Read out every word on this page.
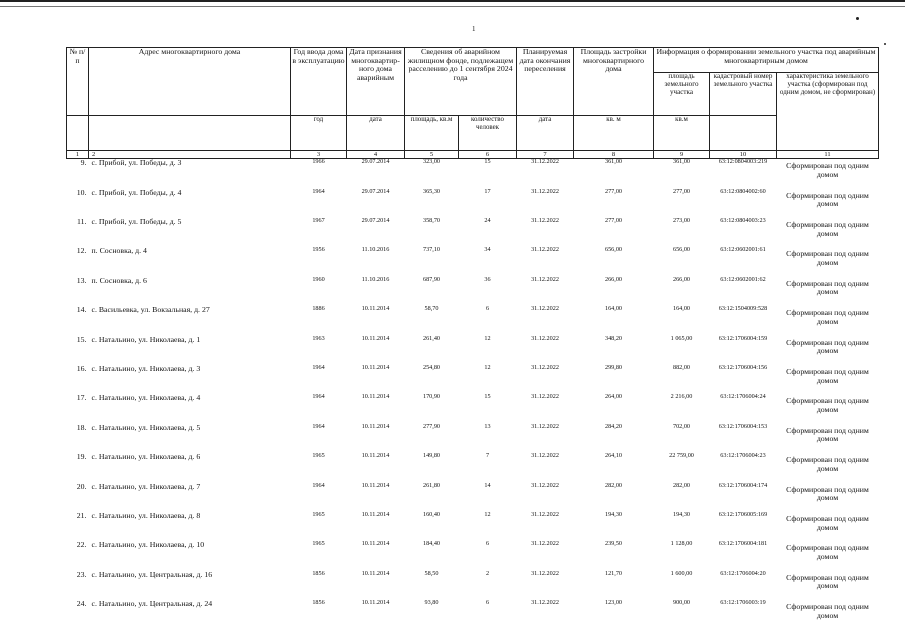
1
№ п/п	Адрес многоквартирного дома	Год ввода дома в эксплуатацию	Дата признания многоквартир-ного дома аварийным	Сведения об аварийном жилищном фонде, подлежащем расселению до 1 сентября 2024 года		Планируемая дата окончания переселения	Площадь застройки многоквартирного дома	Информация о формировании земельного участка под аварийным многоквартирным домом		
								площадь земельного участка	кадастровый номер земельного участка	характеристика земельного участка (сформирован под одним домом, не сформирован)
		год	дата	площадь, кв.м	количество человек	дата	кв. м	кв.м		
1	2	3	4	5	6	7	8	9	10	11
9.	с. Прибой, ул. Победы, д. 3	1966	29.07.2014	323,00	15	31.12.2022	361,00	361,00	63:12:0804003:219	Сформирован под одним домом
10.	с. Прибой, ул. Победы, д. 4	1964	29.07.2014	365,30	17	31.12.2022	277,00	277,00	63:12:0804002:60	Сформирован под одним домом
11.	с. Прибой, ул. Победы, д. 5	1967	29.07.2014	358,70	24	31.12.2022	277,00	273,00	63:12:0804003:23	Сформирован под одним домом
12.	п. Сосновка, д. 4	1956	11.10.2016	737,10	34	31.12.2022	656,00	656,00	63:12:0602001:61	Сформирован под одним домом
13.	п. Сосновка, д. 6	1960	11.10.2016	687,90	36	31.12.2022	266,00	266,00	63:12:0602001:62	Сформирован под одним домом
14.	с. Васильевка, ул. Вокзальная, д. 27	1886	10.11.2014	58,70	6	31.12.2022	164,00	164,00	63:12:1504009:528	Сформирован под одним домом
15.	с. Натальино, ул. Николаева, д. 1	1963	10.11.2014	261,40	12	31.12.2022	348,20	1 065,00	63:12:1706004:159	Сформирован под одним домом
16.	с. Натальино, ул. Николаева, д. 3	1964	10.11.2014	254,80	12	31.12.2022	299,80	882,00	63:12:1706004:156	Сформирован под одним домом
17.	с. Натальино, ул. Николаева, д. 4	1964	10.11.2014	170,90	15	31.12.2022	264,00	2 216,00	63:12:1706004:24	Сформирован под одним домом
18.	с. Натальино, ул. Николаева, д. 5	1964	10.11.2014	277,90	13	31.12.2022	284,20	702,00	63:12:1706004:153	Сформирован под одним домом
19.	с. Натальино, ул. Николаева, д. 6	1965	10.11.2014	149,80	7	31.12.2022	264,10	22 759,00	63:12:1706004:23	Сформирован под одним домом
20.	с. Натальино, ул. Николаева, д. 7	1964	10.11.2014	261,80	14	31.12.2022	282,00	282,00	63:12:1706004:174	Сформирован под одним домом
21.	с. Натальино, ул. Николаева, д. 8	1965	10.11.2014	160,40	12	31.12.2022	194,30	194,30	63:12:1706005:169	Сформирован под одним домом
22.	с. Натальино, ул. Николаева, д. 10	1965	10.11.2014	184,40	6	31.12.2022	239,50	1 128,00	63:12:1706004:181	Сформирован под одним домом
23.	с. Натальино, ул. Центральная, д. 16	1856	10.11.2014	58,50	2	31.12.2022	121,70	1 600,00	63:12:1706004:20	Сформирован под одним домом
24.	с. Натальино, ул. Центральная, д. 24	1856	10.11.2014	93,80	6	31.12.2022	123,00	900,00	63:12:1706003:19	Сформирован под одним домом
